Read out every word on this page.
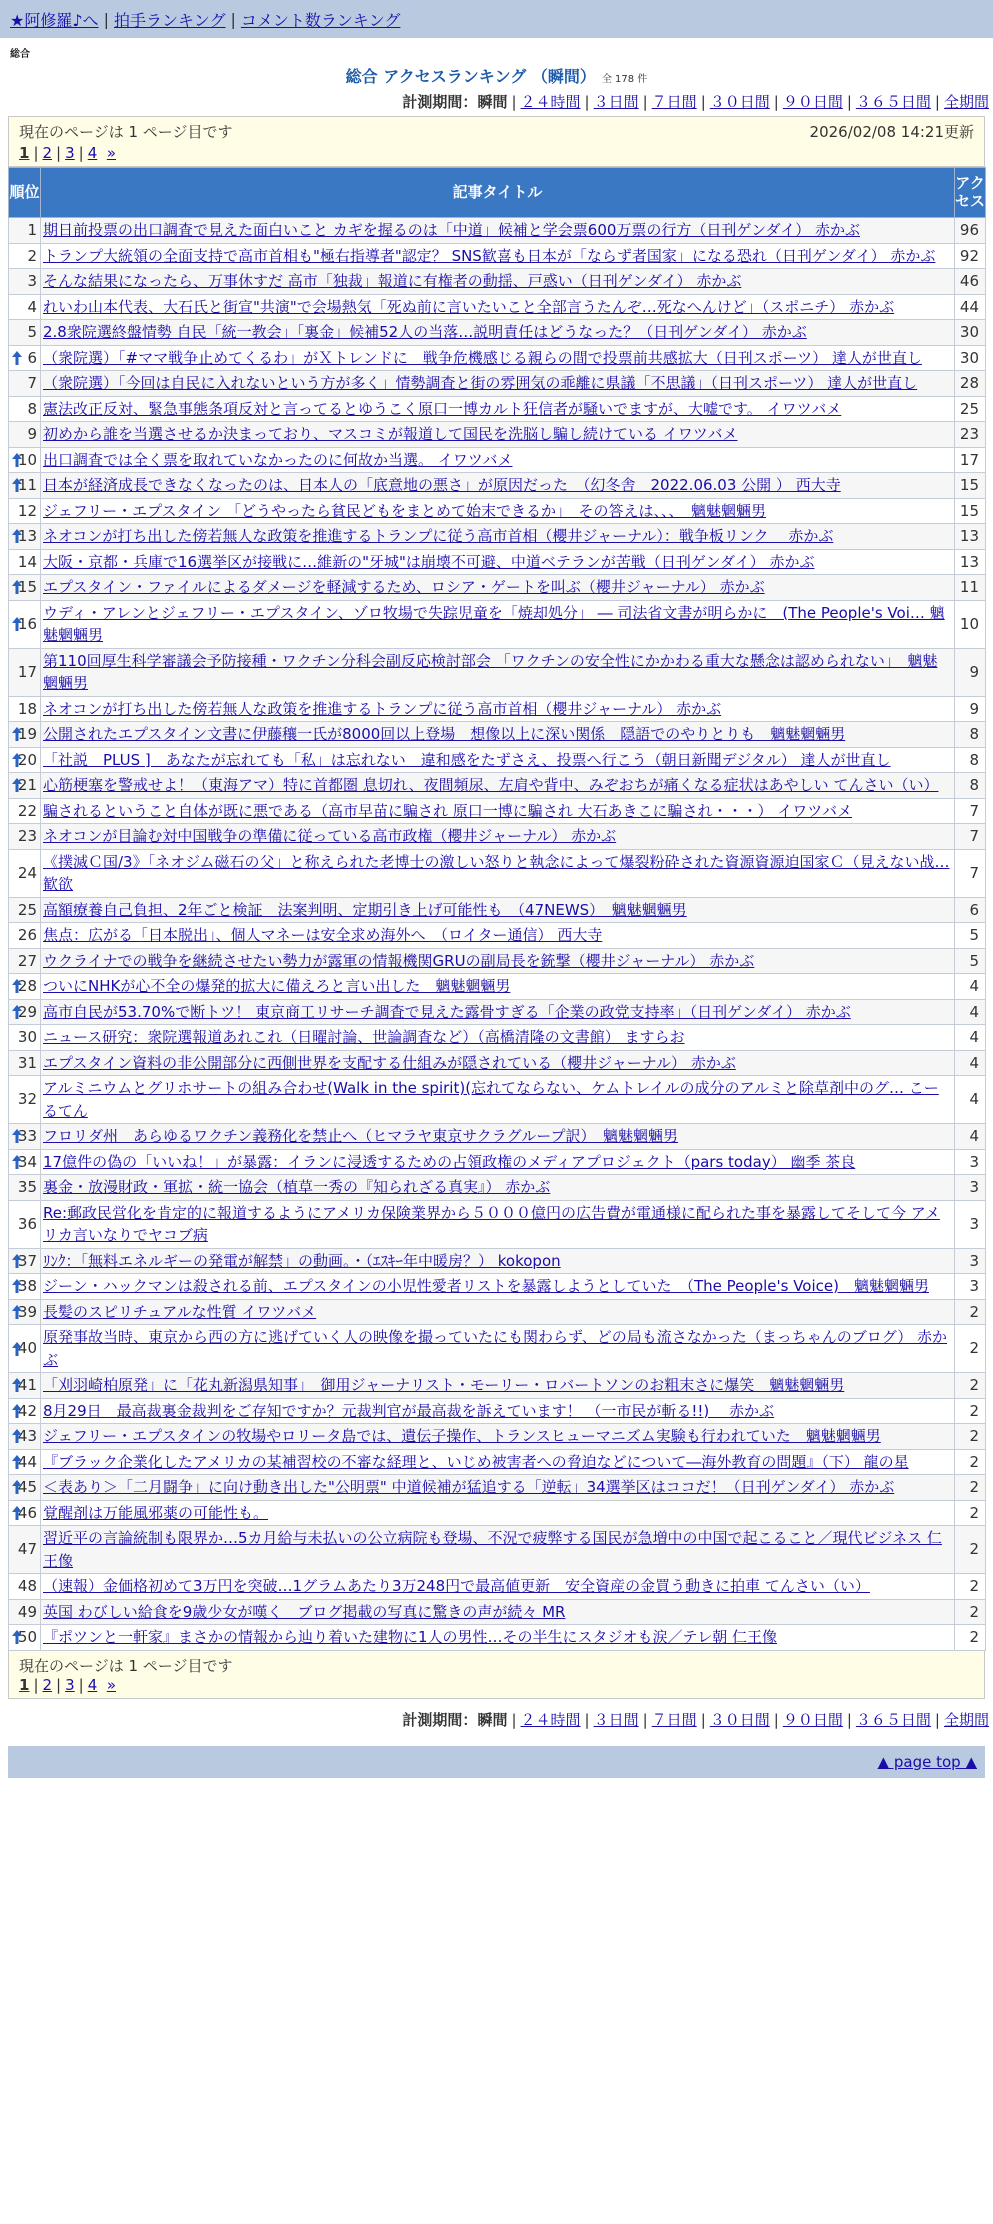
★阿修羅♪へ | 拍手ランキング | コメント数ランキング
総合
総合 アクセスランキング （瞬間） 全 178 件
計測期間：瞬間 | ２４時間 | ３日間 | ７日間 | ３０日間 | ９０日間 | ３６５日間 | 全期間
現在のページは 1 ページ目です	2026/02/08 14:21更新
1 | 2 | 3 | 4 »
順位	記事タイトル	アクセス
1	期日前投票の出口調査で見えた面白いこと カギを握るのは「中道」候補と学会票600万票の行方（日刊ゲンダイ） 赤かぶ	96
2	トランプ大統領の全面支持で高市首相も"極右指導者"認定？ SNS歓喜も日本が「ならず者国家」になる恐れ（日刊ゲンダイ） 赤かぶ	92
3	そんな結果になったら、万事休すだ 高市「独裁」報道に有権者の動揺、戸惑い（日刊ゲンダイ） 赤かぶ	46
4	れいわ山本代表、大石氏と街宣"共演"で会場熱気「死ぬ前に言いたいこと全部言うたんぞ…死なへんけど」（スポニチ） 赤かぶ	44
5	2.8衆院選終盤情勢 自民「統一教会」「裏金」候補52人の当落…説明責任はどうなった？（日刊ゲンダイ） 赤かぶ	30

6	（衆院選）「#ママ戦争止めてくるわ」がＸトレンドに　戦争危機感じる親らの間で投票前共感拡大（日刊スポーツ） 達人が世直し	30
7	（衆院選）「今回は自民に入れないという方が多く」情勢調査と街の雰囲気の乖離に県議「不思議」（日刊スポーツ） 達人が世直し	28
8	憲法改正反対、緊急事態条項反対と言ってるとゆうこく原口一博カルト狂信者が騒いでますが、大嘘です。 イワツバメ	25
9	初めから誰を当選させるか決まっており、マスコミが報道して国民を洗脳し騙し続けている イワツバメ	23

10	出口調査では全く票を取れていなかったのに何故か当選。 イワツバメ	17

11	日本が経済成長できなくなったのは、日本人の「底意地の悪さ」が原因だった　（幻冬舎　2022.06.03 公開 ） 西大寺	15
12	ジェフリー・エプスタイン 「どうやったら貧民どもをまとめて始末できるか」　その答えは、、、　魑魅魍魎男	15

13	ネオコンが打ち出した傍若無人な政策を推進するトランプに従う高市首相（櫻井ジャーナル）：戦争板リンク　 赤かぶ	13
14	大阪・京都・兵庫で16選挙区が接戦に…維新の"牙城"は崩壊不可避、中道ベテランが苦戦（日刊ゲンダイ） 赤かぶ	13

15	エプスタイン・ファイルによるダメージを軽減するため、ロシア・ゲートを叫ぶ（櫻井ジャーナル） 赤かぶ	11

16	ウディ・アレンとジェフリー・エプスタイン、ゾロ牧場で失踪児童を「焼却処分」 ― 司法省文書が明らかに　(The People's Voi… 魑魅魍魎男	10
17	第110回厚生科学審議会予防接種・ワクチン分科会副反応検討部会 「ワクチンの安全性にかかわる重大な懸念は認められない」　魑魅魍魎男	9
18	ネオコンが打ち出した傍若無人な政策を推進するトランプに従う高市首相（櫻井ジャーナル） 赤かぶ	9

19	公開されたエプスタイン文書に伊藤穰一氏が8000回以上登場　想像以上に深い関係　隠語でのやりとりも　魑魅魍魎男	8

20	「社説　PLUS ]　あなたが忘れても「私」は忘れない　違和感をたずさえ、投票へ行こう（朝日新聞デジタル） 達人が世直し	8

21	心筋梗塞を警戒せよ！（東海アマ）特に首都圏 息切れ、夜間頻尿、左肩や背中、みぞおちが痛くなる症状はあやしい てんさい（い）	8
22	騙されるということ自体が既に悪である（高市早苗に騙され 原口一博に騙され 大石あきこに騙され・・・） イワツバメ	7
23	ネオコンが目論む対中国戦争の準備に従っている高市政権（櫻井ジャーナル） 赤かぶ	7
24	《撲滅Ｃ国/3》「ネオジム磁石の父」と称えられた老博士の激しい怒りと執念によって爆裂粉砕された資源資源迫国家Ｃ（見えない战… 歓欲	7
25	高額療養自己負担、2年ごと検証　法案判明、定期引き上げ可能性も　（47NEWS）　魑魅魍魎男	6
26	焦点：広がる「日本脱出」、個人マネーは安全求め海外へ　（ロイター通信） 西大寺	5
27	ウクライナでの戦争を継続させたい勢力が露軍の情報機関GRUの副局長を銃撃（櫻井ジャーナル） 赤かぶ	5

28	ついにNHKが心不全の爆発的拡大に備えろと言い出した　魑魅魍魎男	4

29	高市自民が53.70%で断トツ！ 東京商工リサーチ調査で見えた露骨すぎる「企業の政党支持率」（日刊ゲンダイ） 赤かぶ	4
30	ニュース研究：衆院選報道あれこれ（日曜討論、世論調査など）（高橋清隆の文書館） ますらお	4
31	エプスタイン資料の非公開部分に西側世界を支配する仕組みが隠されている（櫻井ジャーナル） 赤かぶ	4
32	アルミニウムとグリホサートの組み合わせ(Walk in the spirit)(忘れてならない、ケムトレイルの成分のアルミと除草剤中のグ… こーるてん	4

33	フロリダ州　あらゆるワクチン義務化を禁止へ（ヒマラヤ東京サクラグループ訳）　魑魅魍魎男	4

34	17億件の偽の「いいね！」が暴露：イランに浸透するための占領政権のメディアプロジェクト（pars today） 幽季 茶良	3
35	裏金・放漫財政・軍拡・統一協会（植草一秀の『知られざる真実』） 赤かぶ	3
36	Re:郵政民営化を肯定的に報道するようにアメリカ保険業界から５０００億円の広告費が電通様に配られた事を暴露してそして今 アメリカ言いなりでヤコブ病	3

37	ﾘﾝｸ：「無料エネルギーの発電が解禁」の動画。・（ｴｽｷｰ年中暖房？） kokopon	3

38	ジーン・ハックマンは殺される前、エプスタインの小児性愛者リストを暴露しようとしていた　（The People's Voice)　魑魅魍魎男	3

39	長髪のスピリチュアルな性質 イワツバメ	2

40	原発事故当時、東京から西の方に逃げていく人の映像を撮っていたにも関わらず、どの局も流さなかった（まっちゃんのブログ） 赤かぶ	2

41	「刈羽崎柏原発」に「花丸新潟県知事」　御用ジャーナリスト・モーリー・ロバートソンのお粗末さに爆笑　魑魅魍魎男	2

42	8月29日　最高裁裏金裁判をご存知ですか？元裁判官が最高裁を訴えています！ （一市民が斬る!!)　 赤かぶ	2

43	ジェフリー・エプスタインの牧場やロリータ島では、遺伝子操作、トランスヒューマニズム実験も行われていた　魑魅魍魎男	2

44	『ブラック企業化したアメリカの某補習校の不審な経理と、いじめ被害者への脅迫などについて―海外教育の問題』（下） 龍の星	2

45	＜表あり＞「二月闘争」に向け動き出した"公明票" 中道候補が猛追する「逆転」34選挙区はココだ！（日刊ゲンダイ） 赤かぶ	2

46	覚醒剤は万能風邪薬の可能性も。	2
47	習近平の言論統制も限界か…5カ月給与未払いの公立病院も登場、不況で疲弊する国民が急増中の中国で起こること／現代ビジネス 仁王像	2
48	（速報）金価格初めて3万円を突破…1グラムあたり3万248円で最高値更新　安全資産の金買う動きに拍車 てんさい（い）	2
49	英国 わびしい給食を9歳少女が嘆く　ブログ掲載の写真に驚きの声が続々 MR	2

50	『ポツンと一軒家』まさかの情報から辿り着いた建物に1人の男性…その半生にスタジオも涙／テレ朝 仁王像	2
現在のページは 1 ページ目です
1 | 2 | 3 | 4 »
計測期間：瞬間 | ２４時間 | ３日間 | ７日間 | ３０日間 | ９０日間 | ３６５日間 | 全期間
▲ page top ▲
